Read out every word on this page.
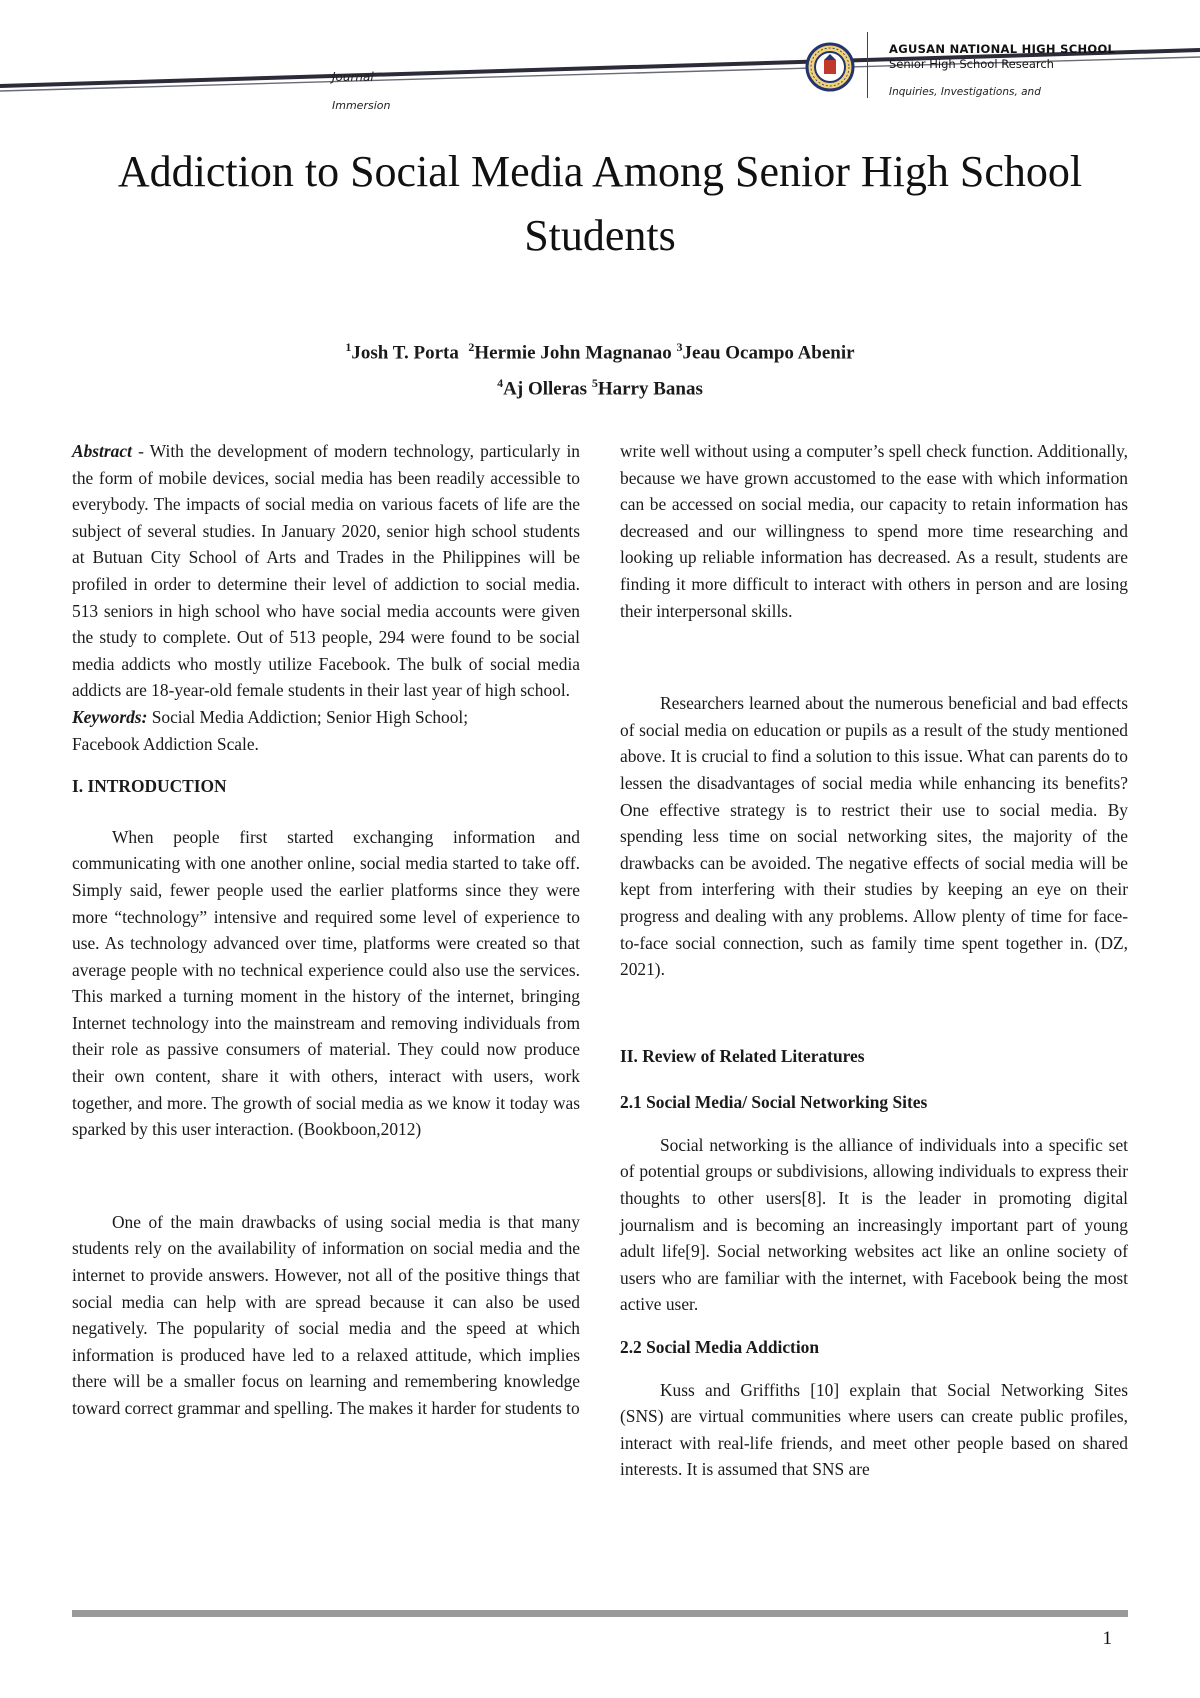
Journal
Immersion
AGUSAN NATIONAL HIGH SCHOOL
Senior High School Research
Inquiries, Investigations, and
Addiction to Social Media Among Senior High School Students
$^1$Josh T. Porta $^2$Hermie John Magnanao $^3$Jeau Ocampo Abenir
$^4$Aj Olleras $^5$Harry Banas

Abstract - With the development of modern technology, particularly in the form of mobile devices, social media has been readily accessible to everybody. The impacts of social media on various facets of life are the subject of several studies. In January 2020, senior high school students at Butuan City School of Arts and Trades in the Philippines will be profiled in order to determine their level of addiction to social media. 513 seniors in high school who have social media accounts were given the study to complete. Out of 513 people, 294 were found to be social media addicts who mostly utilize Facebook. The bulk of social media addicts are 18-year-old female students in their last year of high school.

Keywords: Social Media Addiction; Senior High School;
Facebook Addiction Scale.

I. INTRODUCTION

When people first started exchanging information and communicating with one another online, social media started to take off. Simply said, fewer people used the earlier platforms since they were more “technology” intensive and required some level of experience to use. As technology advanced over time, platforms were created so that average people with no technical experience could also use the services. This marked a turning moment in the history of the internet, bringing Internet technology into the mainstream and removing individuals from their role as passive consumers of material. They could now produce their own content, share it with others, interact with users, work together, and more. The growth of social media as we know it today was sparked by this user interaction. (Bookboon,2012)

One of the main drawbacks of using social media is that many students rely on the availability of information on social media and the internet to provide answers. However, not all of the positive things that social media can help with are spread because it can also be used negatively. The popularity of social media and the speed at which information is produced have led to a relaxed attitude, which implies there will be a smaller focus on learning and remembering knowledge toward correct grammar and spelling. The makes it harder for students to

write well without using a computer’s spell check function. Additionally, because we have grown accustomed to the ease with which information can be accessed on social media, our capacity to retain information has decreased and our willingness to spend more time researching and looking up reliable information has decreased. As a result, students are finding it more difficult to interact with others in person and are losing their interpersonal skills.

Researchers learned about the numerous beneficial and bad effects of social media on education or pupils as a result of the study mentioned above. It is crucial to find a solution to this issue. What can parents do to lessen the disadvantages of social media while enhancing its benefits? One effective strategy is to restrict their use to social media. By spending less time on social networking sites, the majority of the drawbacks can be avoided. The negative effects of social media will be kept from interfering with their studies by keeping an eye on their progress and dealing with any problems. Allow plenty of time for face-to-face social connection, such as family time spent together in. (DZ, 2021).

II. Review of Related Literatures

2.1 Social Media/ Social Networking Sites

Social networking is the alliance of individuals into a specific set of potential groups or subdivisions, allowing individuals to express their thoughts to other users[8]. It is the leader in promoting digital journalism and is becoming an increasingly important part of young adult life[9]. Social networking websites act like an online society of users who are familiar with the internet, with Facebook being the most active user.

2.2 Social Media Addiction

Kuss and Griffiths [10] explain that Social Networking Sites (SNS) are virtual communities where users can create public profiles, interact with real-life friends, and meet other people based on shared interests. It is assumed that SNS are

1
